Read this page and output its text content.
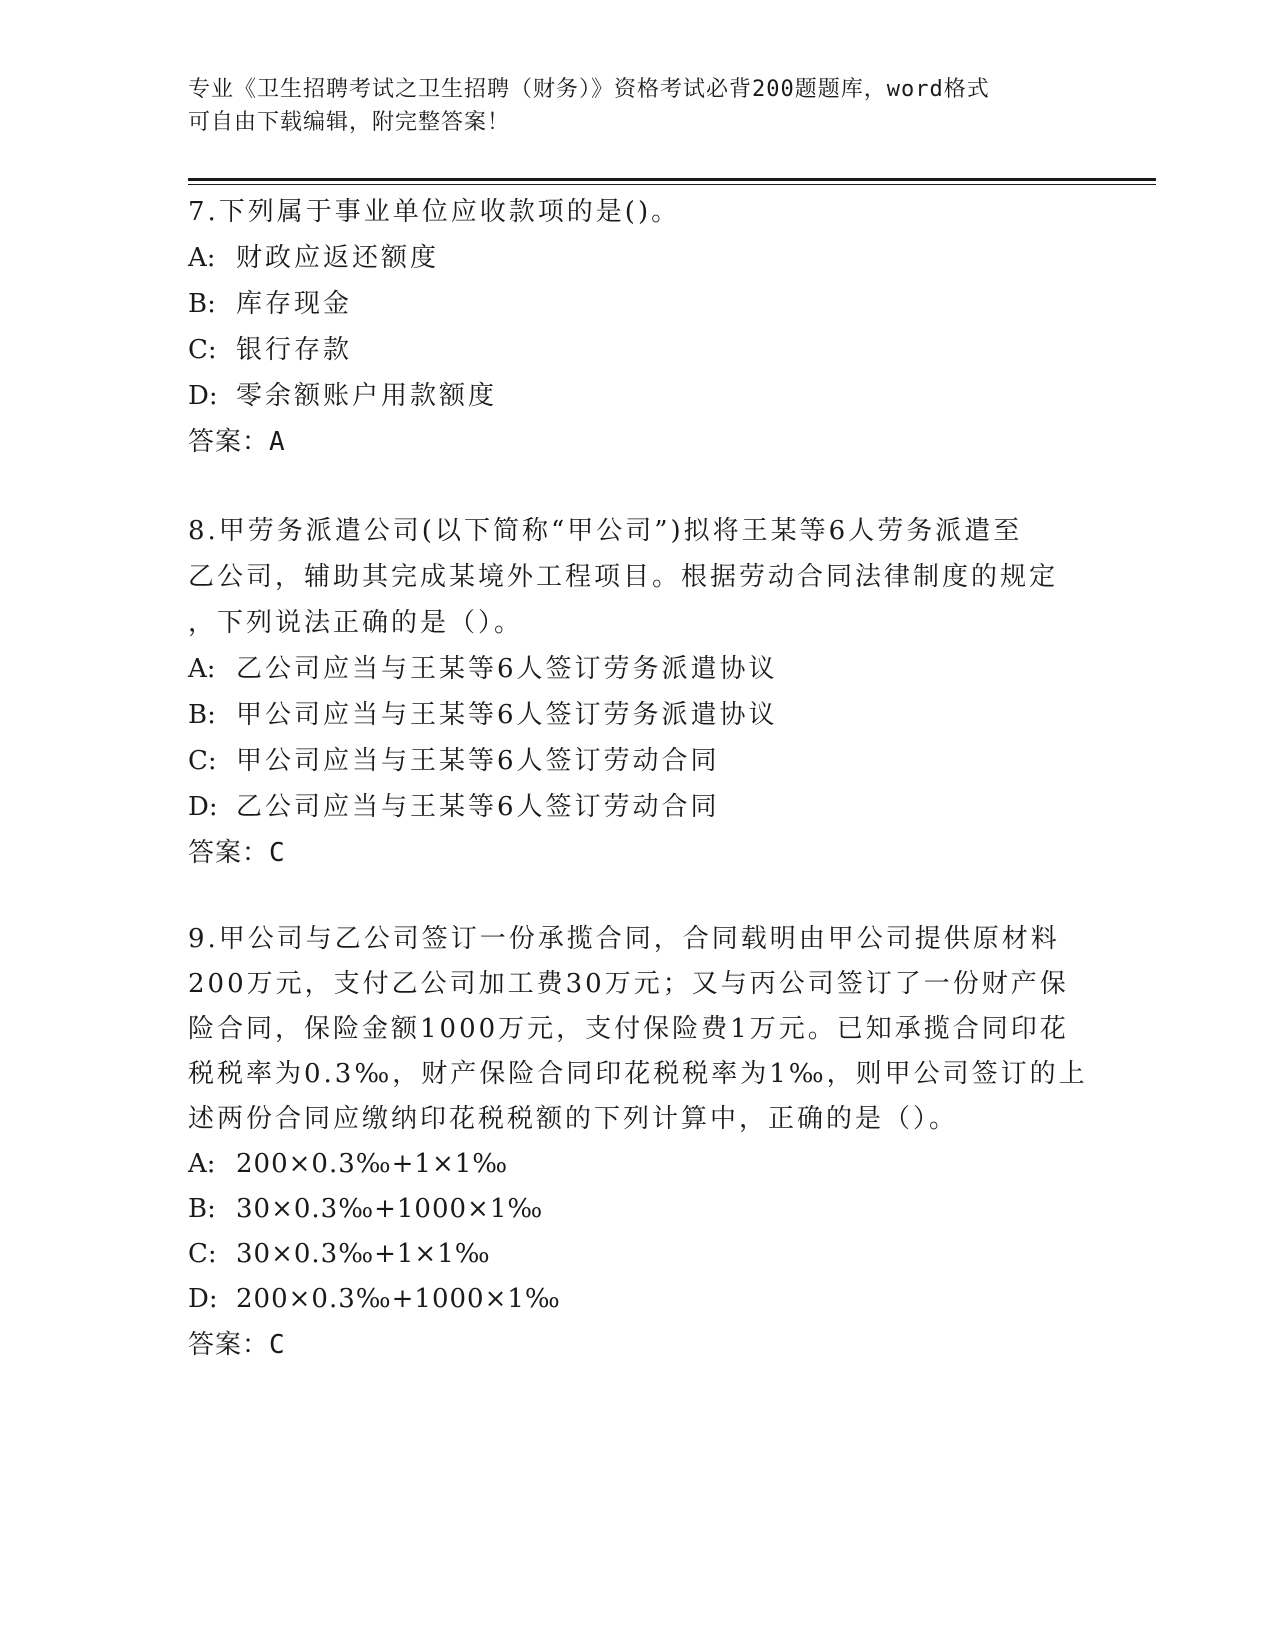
专业《卫生招聘考试之卫生招聘（财务）》资格考试必背200题题库，word格式
可自由下载编辑，附完整答案！
7.下列属于事业单位应收款项的是()。
A: 财政应返还额度
B: 库存现金
C: 银行存款
D: 零余额账户用款额度
答案：A
8.甲劳务派遣公司(以下简称“甲公司”)拟将王某等6人劳务派遣至
乙公司，辅助其完成某境外工程项目。根据劳动合同法律制度的规定
，下列说法正确的是（）。
A: 乙公司应当与王某等6人签订劳务派遣协议
B: 甲公司应当与王某等6人签订劳务派遣协议
C: 甲公司应当与王某等6人签订劳动合同
D: 乙公司应当与王某等6人签订劳动合同
答案：C
9.甲公司与乙公司签订一份承揽合同，合同载明由甲公司提供原材料
200万元，支付乙公司加工费30万元；又与丙公司签订了一份财产保
险合同，保险金额1000万元，支付保险费1万元。已知承揽合同印花
税税率为0.3‰，财产保险合同印花税税率为1‰，则甲公司签订的上
述两份合同应缴纳印花税税额的下列计算中，正确的是（）。
A: 200×0.3‰+1×1‰
B: 30×0.3‰+1000×1‰
C: 30×0.3‰+1×1‰
D: 200×0.3‰+1000×1‰
答案：C
